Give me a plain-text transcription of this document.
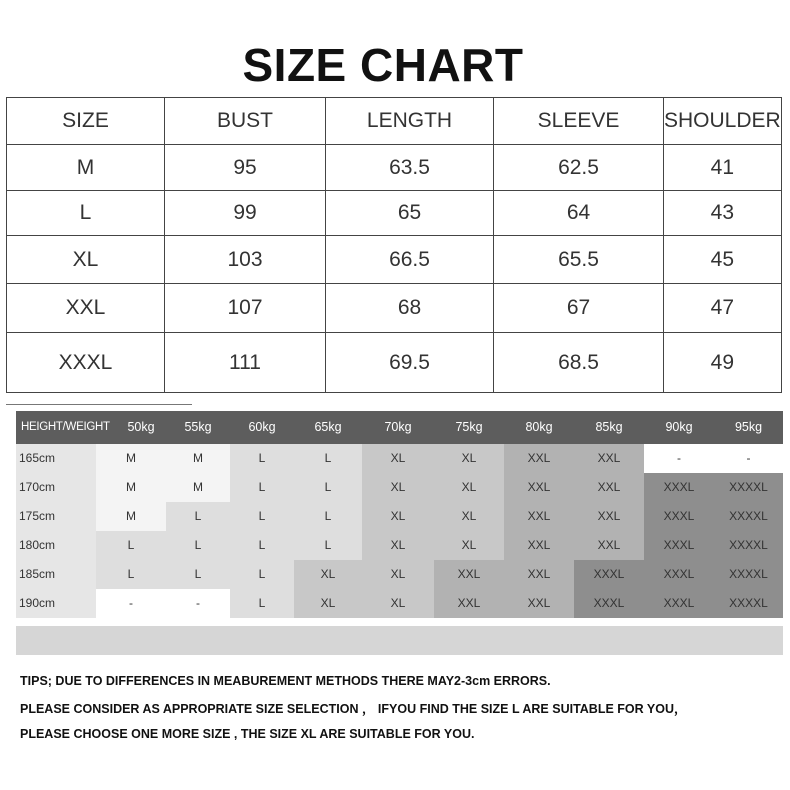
SIZE CHART
SIZE	BUST	LENGTH	SLEEVE	SHOULDER
M	95	63.5	62.5	41
L	99	65	64	43
XL	103	66.5	65.5	45
XXL	107	68	67	47
XXXL	111	69.5	68.5	49
HEIGHT/WEIGHT	50kg	55kg	60kg	65kg	70kg	75kg	80kg	85kg	90kg	95kg
165cm	M	M	L	L	XL	XL	XXL	XXL	-	-
170cm	M	M	L	L	XL	XL	XXL	XXL	XXXL	XXXXL
175cm	M	L	L	L	XL	XL	XXL	XXL	XXXL	XXXXL
180cm	L	L	L	L	XL	XL	XXL	XXL	XXXL	XXXXL
185cm	L	L	L	XL	XL	XXL	XXL	XXXL	XXXL	XXXXL
190cm	-	-	L	XL	XL	XXL	XXL	XXXL	XXXL	XXXXL
TIPS; DUE TO DIFFERENCES IN MEABUREMENT METHODS THERE MAY2-3cm ERRORS.
PLEASE CONSIDER AS APPROPRIATE SIZE SELECTION ， IFYOU FIND THE SIZE L ARE SUITABLE FOR YOU，
PLEASE CHOOSE ONE MORE SIZE , THE SIZE XL ARE SUITABLE FOR YOU.
